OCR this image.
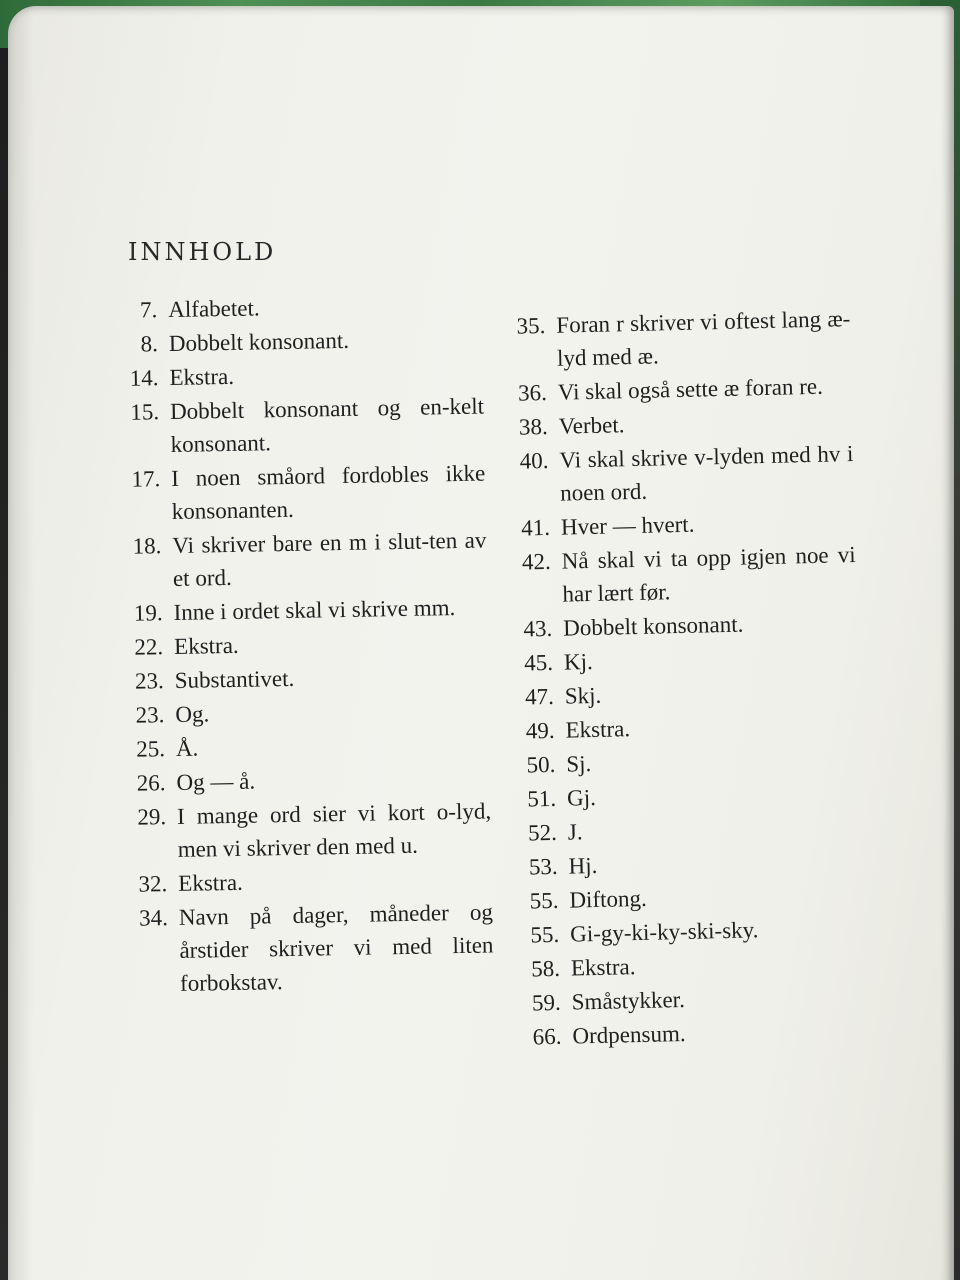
INNHOLD
7. Alfabetet.
8. Dobbelt konsonant.
14. Ekstra.
15. Dobbelt konsonant og en-kelt konsonant.
17. I noen småord fordobles ikke konsonanten.
18. Vi skriver bare en m i slut-ten av et ord.
19. Inne i ordet skal vi skrive mm.
22. Ekstra.
23. Substantivet.
23. Og.
25. Å.
26. Og — å.
29. I mange ord sier vi kort o-lyd, men vi skriver den med u.
32. Ekstra.
34. Navn på dager, måneder og årstider skriver vi med liten forbokstav.
35. Foran r skriver vi oftest lang æ-lyd med æ.
36. Vi skal også sette æ foran re.
38. Verbet.
40. Vi skal skrive v-lyden med hv i noen ord.
41. Hver — hvert.
42. Nå skal vi ta opp igjen noe vi har lært før.
43. Dobbelt konsonant.
45. Kj.
47. Skj.
49. Ekstra.
50. Sj.
51. Gj.
52. J.
53. Hj.
55. Diftong.
55. Gi-gy-ki-ky-ski-sky.
58. Ekstra.
59. Småstykker.
66. Ordpensum.
